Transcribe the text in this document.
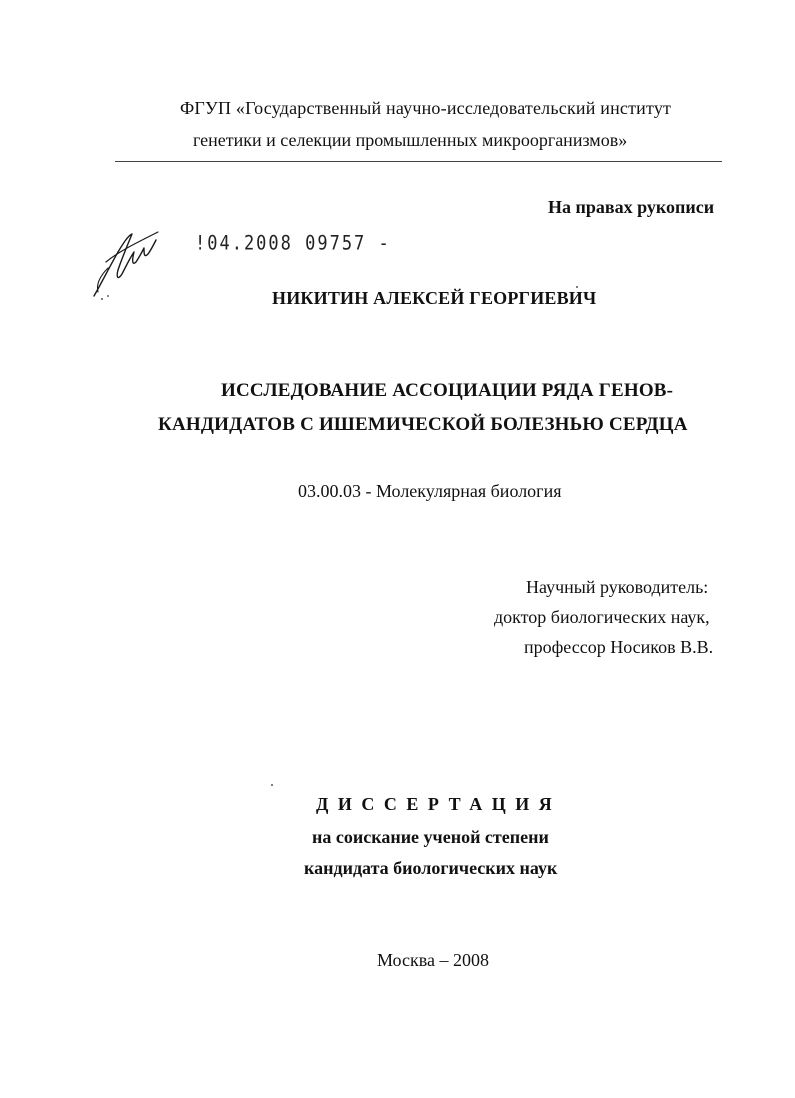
ФГУП «Государственный научно-исследовательский институт
генетики и селекции промышленных микроорганизмов»
На правах рукописи
!04.2008 09757 -
НИКИТИН АЛЕКСЕЙ ГЕОРГИЕВИЧ
ИССЛЕДОВАНИЕ АССОЦИАЦИИ РЯДА ГЕНОВ-
КАНДИДАТОВ С ИШЕМИЧЕСКОЙ БОЛЕЗНЬЮ СЕРДЦА
03.00.03 - Молекулярная биология
Научный руководитель:
доктор биологических наук,
профессор Носиков В.В.
ДИССЕРТАЦИЯ
на соискание ученой степени
кандидата биологических наук
Москва – 2008
